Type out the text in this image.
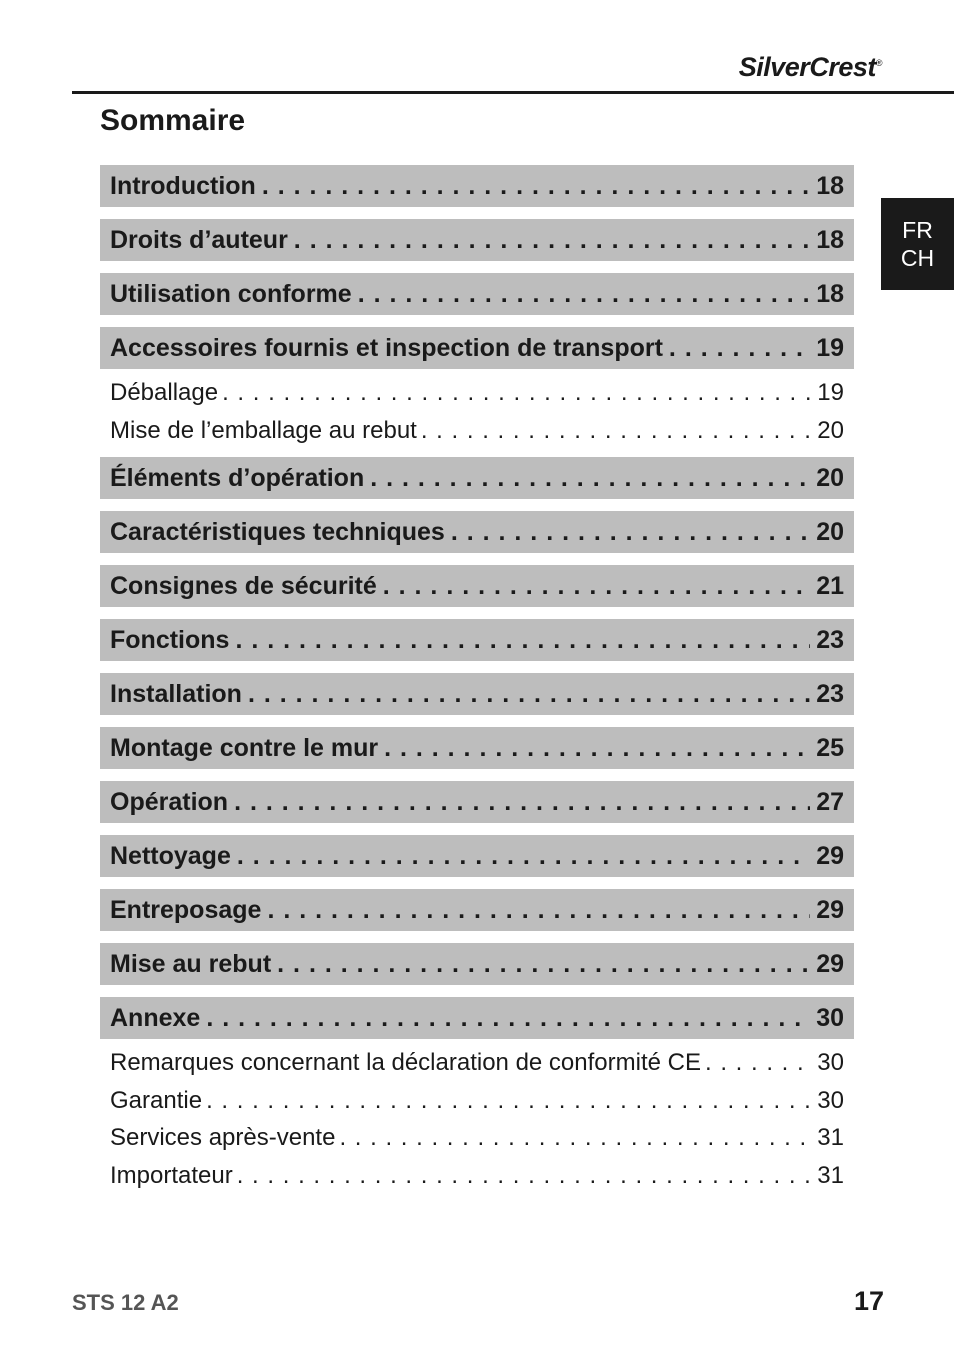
SilverCrest®
Sommaire
FR
CH
Introduction . . .	18
Droits d’auteur . . .	18
Utilisation conforme . . .	18
Accessoires fournis et inspection de transport . . .	19
Déballage . . .	19
Mise de l’emballage au rebut . . .	20
Éléments d’opération . . .	20
Caractéristiques techniques . . .	20
Consignes de sécurité . . .	21
Fonctions . . .	23
Installation . . .	23
Montage contre le mur . . .	25
Opération . . .	27
Nettoyage . . .	29
Entreposage . . .	29
Mise au rebut . . .	29
Annexe . . .	30
Remarques concernant la déclaration de conformité CE . . .	30
Garantie . . .	30
Services après-vente . . .	31
Importateur . . .	31
STS 12 A2	17
